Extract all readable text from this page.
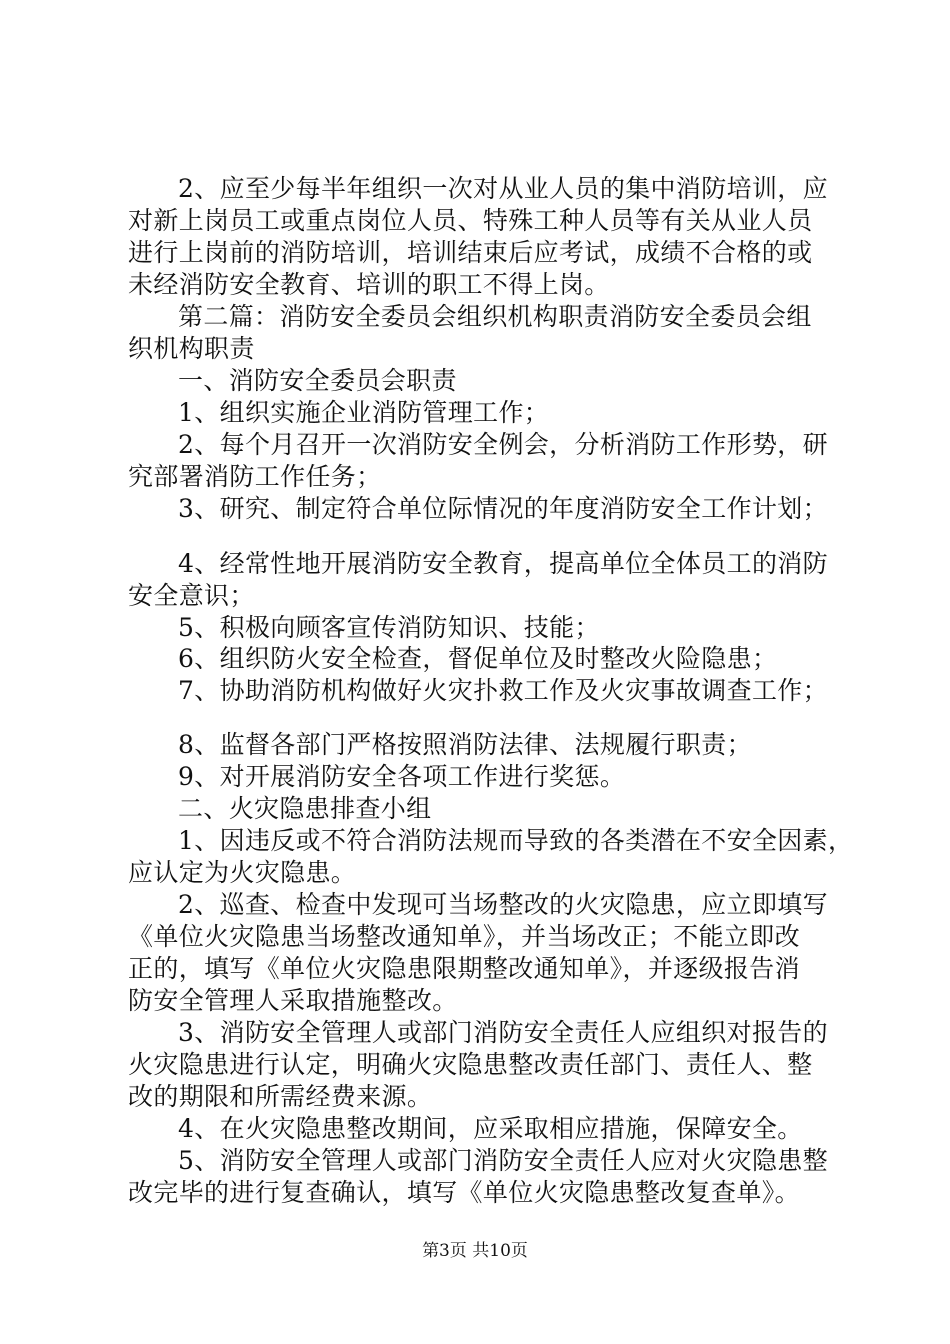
2、应至少每半年组织一次对从业人员的集中消防培训，应
对新上岗员工或重点岗位人员、特殊工种人员等有关从业人员
进行上岗前的消防培训，培训结束后应考试，成绩不合格的或
未经消防安全教育、培训的职工不得上岗。
第二篇：消防安全委员会组织机构职责消防安全委员会组
织机构职责
一、消防安全委员会职责
1、组织实施企业消防管理工作；
2、每个月召开一次消防安全例会，分析消防工作形势，研
究部署消防工作任务；
3、研究、制定符合单位际情况的年度消防安全工作计划；
4、经常性地开展消防安全教育，提高单位全体员工的消防
安全意识；
5、积极向顾客宣传消防知识、技能；
6、组织防火安全检查，督促单位及时整改火险隐患；
7、协助消防机构做好火灾扑救工作及火灾事故调查工作；
8、监督各部门严格按照消防法律、法规履行职责；
9、对开展消防安全各项工作进行奖惩。
二、火灾隐患排查小组
1、因违反或不符合消防法规而导致的各类潜在不安全因素，
应认定为火灾隐患。
2、巡查、检查中发现可当场整改的火灾隐患，应立即填写
《单位火灾隐患当场整改通知单》，并当场改正；不能立即改
正的，填写《单位火灾隐患限期整改通知单》，并逐级报告消
防安全管理人采取措施整改。
3、消防安全管理人或部门消防安全责任人应组织对报告的
火灾隐患进行认定，明确火灾隐患整改责任部门、责任人、整
改的期限和所需经费来源。
4、在火灾隐患整改期间，应采取相应措施，保障安全。
5、消防安全管理人或部门消防安全责任人应对火灾隐患整
改完毕的进行复查确认，填写《单位火灾隐患整改复查单》。
第3页 共10页
